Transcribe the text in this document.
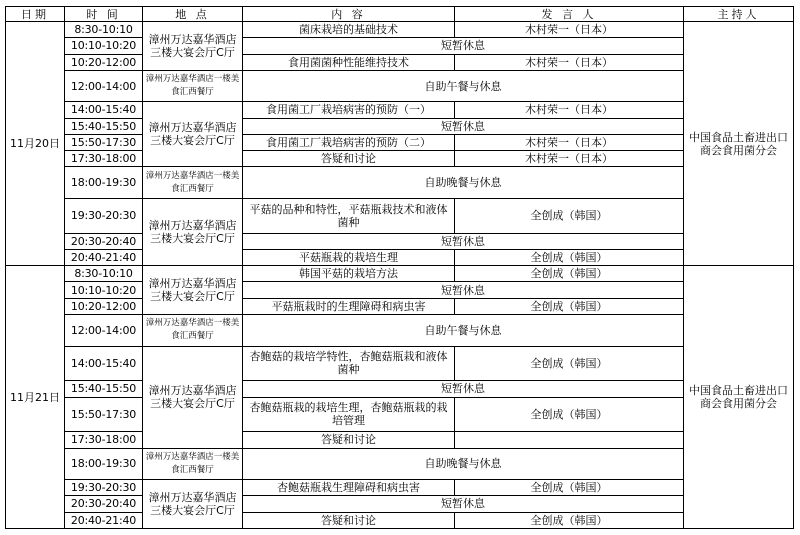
日期	时 间	地 点	内 容	发 言 人	主持人
11月20日	8:30-10:10	漳州万达嘉华酒店三楼大宴会厅C厅	菌床栽培的基础技术	木村荣一（日本）	中国食品土畜进出口商会食用菌分会
	10:10-10:20		短暂休息		
	10:20-12:00		食用菌菌种性能维持技术	木村荣一（日本）	
	12:00-14:00	漳州万达嘉华酒店一楼美食汇西餐厅	自助午餐与休息		
	14:00-15:40	漳州万达嘉华酒店三楼大宴会厅C厅	食用菌工厂栽培病害的预防（一）	木村荣一（日本）	
	15:40-15:50		短暂休息		
	15:50-17:30		食用菌工厂栽培病害的预防（二）	木村荣一（日本）	
	17:30-18:00		答疑和讨论	木村荣一（日本）	
	18:00-19:30	漳州万达嘉华酒店一楼美食汇西餐厅	自助晚餐与休息		
	19:30-20:30	漳州万达嘉华酒店三楼大宴会厅C厅	平菇的品种和特性，平菇瓶栽技术和液体菌种	全创成（韩国）	
	20:30-20:40		短暂休息		
	20:40-21:40		平菇瓶栽的栽培生理	全创成（韩国）	
11月21日	8:30-10:10	漳州万达嘉华酒店三楼大宴会厅C厅	韩国平菇的栽培方法	全创成（韩国）	中国食品土畜进出口商会食用菌分会
	10:10-10:20		短暂休息		
	10:20-12:00		平菇瓶栽时的生理障碍和病虫害	全创成（韩国）	
	12:00-14:00	漳州万达嘉华酒店一楼美食汇西餐厅	自助午餐与休息		
	14:00-15:40	漳州万达嘉华酒店三楼大宴会厅C厅	杏鲍菇的栽培学特性，杏鲍菇瓶栽和液体菌种	全创成（韩国）	
	15:40-15:50		短暂休息		
	15:50-17:30		杏鲍菇瓶栽的栽培生理，杏鲍菇瓶栽的栽培管理	全创成（韩国）	
	17:30-18:00		答疑和讨论		
	18:00-19:30	漳州万达嘉华酒店一楼美食汇西餐厅	自助晚餐与休息		
	19:30-20:30	漳州万达嘉华酒店三楼大宴会厅C厅	杏鲍菇瓶栽生理障碍和病虫害	全创成（韩国）	
	20:30-20:40		短暂休息		
	20:40-21:40		答疑和讨论	全创成（韩国）	
